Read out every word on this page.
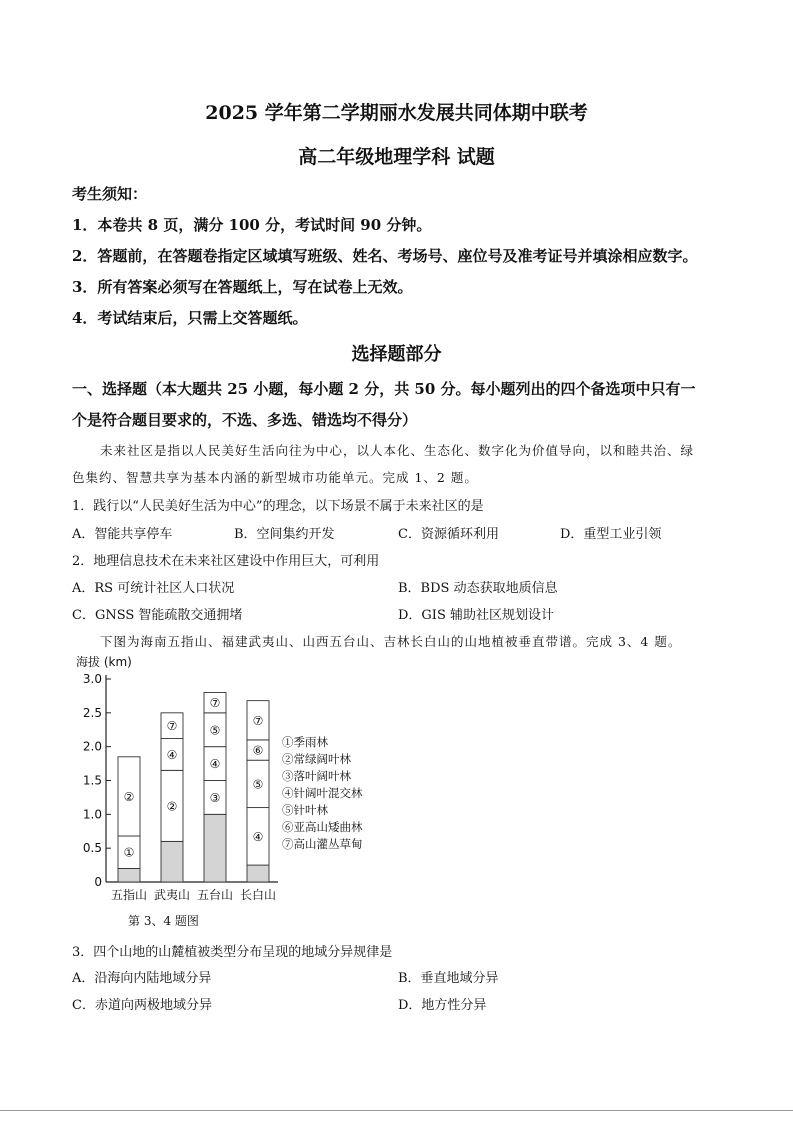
2025 学年第二学期丽水发展共同体期中联考
高二年级地理学科 试题
考生须知：
1．本卷共 8 页，满分 100 分，考试时间 90 分钟。
2．答题前，在答题卷指定区域填写班级、姓名、考场号、座位号及准考证号并填涂相应数字。
3．所有答案必须写在答题纸上，写在试卷上无效。
4．考试结束后，只需上交答题纸。
选择题部分
一、选择题（本大题共 25 小题，每小题 2 分，共 50 分。每小题列出的四个备选项中只有一
个是符合题目要求的，不选、多选、错选均不得分）
未来社区是指以人民美好生活向往为中心，以人本化、生态化、数字化为价值导向，以和睦共治、绿
色集约、智慧共享为基本内涵的新型城市功能单元。完成 1、2 题。
1．践行以“人民美好生活为中心”的理念，以下场景不属于未来社区的是
A．智能共享停车	B．空间集约开发	C．资源循环利用	D．重型工业引领
2．地理信息技术在未来社区建设中作用巨大，可利用
A．RS 可统计社区人口状况	B．BDS 动态获取地质信息
C．GNSS 智能疏散交通拥堵	D．GIS 辅助社区规划设计
下图为海南五指山、福建武夷山、山西五台山、吉林长白山的山地植被垂直带谱。完成 3、4 题。
海拔 (km)
0
0.5
1.0
1.5
2.0
2.5
3.0
①
②
五指山
②
④
⑦
武夷山
③
④
⑤
⑦
五台山
④
⑤
⑥
⑦
长白山
①季雨林
②常绿阔叶林
③落叶阔叶林
④针阔叶混交林
⑤针叶林
⑥亚高山矮曲林
⑦高山灌丛草甸
第 3、4 题图
3．四个山地的山麓植被类型分布呈现的地域分异规律是
A．沿海向内陆地域分异	B．垂直地域分异
C．赤道向两极地域分异	D．地方性分异
